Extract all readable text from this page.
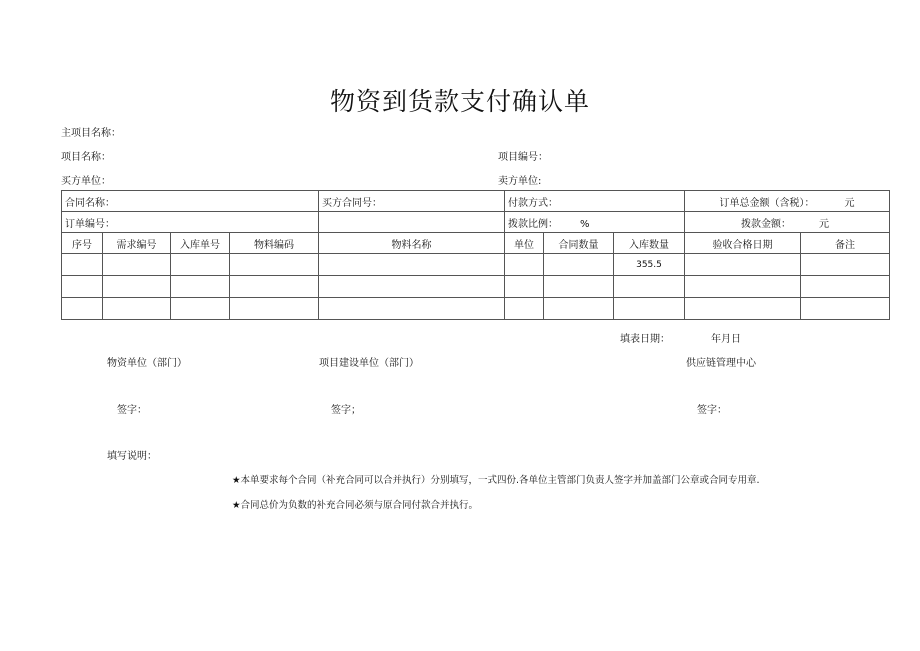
物资到货款支付确认单
主项目名称：
项目名称：	项目编号：
买方单位：	卖方单位:
合同名称：				买方合同号：	付款方式：			订单总金额（含税）： 元	
订单编号：					拨款比例： %			拨款金额： 元	
序号	需求编号	入库单号	物料编码	物料名称	单位	合同数量	入库数量	验收合格日期	备注
							355.5		

填表日期：	年月日
物资单位（部门）	项目建设单位（部门）	供应链管理中心
签字：	签字；	签字：
填写说明：
★本单要求每个合同（补充合同可以合并执行）分别填写，一式四份.各单位主管部门负责人签字并加盖部门公章或合同专用章.
★合同总价为负数的补充合同必须与原合同付款合并执行。
